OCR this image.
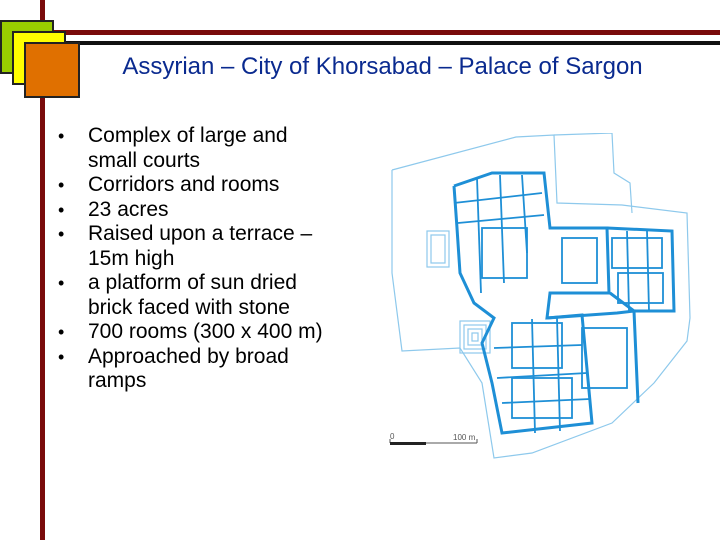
Assyrian – City of Khorsabad – Palace of Sargon
• Complex of large and small courts
• Corridors and rooms
• 23 acres
• Raised upon a terrace – 15m high
• a platform of sun dried brick faced with stone
• 700 rooms (300 x 400 m)
• Approached by broad ramps
0	100 m
